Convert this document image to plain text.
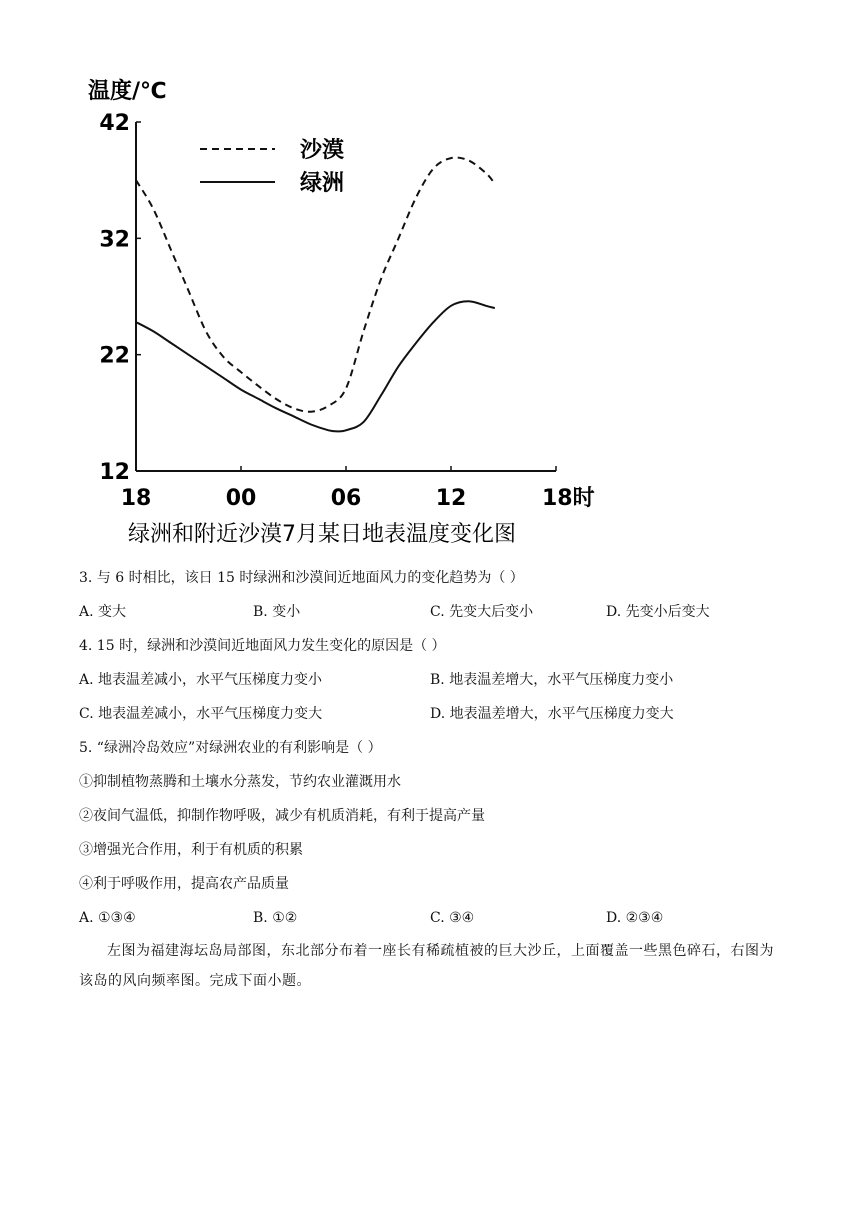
温度/℃
42
32
22
12
18	00	06	12	18时
沙漠
绿洲
绿洲和附近沙漠7月某日地表温度变化图
3. 与 6 时相比，该日 15 时绿洲和沙漠间近地面风力的变化趋势为（ ）
A. 变大	B. 变小	C. 先变大后变小	D. 先变小后变大
4. 15 时，绿洲和沙漠间近地面风力发生变化的原因是（ ）
A. 地表温差减小，水平气压梯度力变小	B. 地表温差增大，水平气压梯度力变小
C. 地表温差减小，水平气压梯度力变大	D. 地表温差增大，水平气压梯度力变大
5. “绿洲冷岛效应”对绿洲农业的有利影响是（ ）
①抑制植物蒸腾和土壤水分蒸发，节约农业灌溉用水
②夜间气温低，抑制作物呼吸，减少有机质消耗，有利于提高产量
③增强光合作用，利于有机质的积累
④利于呼吸作用，提高农产品质量
A. ①③④	B. ①②	C. ③④	D. ②③④
左图为福建海坛岛局部图，东北部分布着一座长有稀疏植被的巨大沙丘，上面覆盖一些黑色碎石，右图为该岛的风向频率图。完成下面小题。
